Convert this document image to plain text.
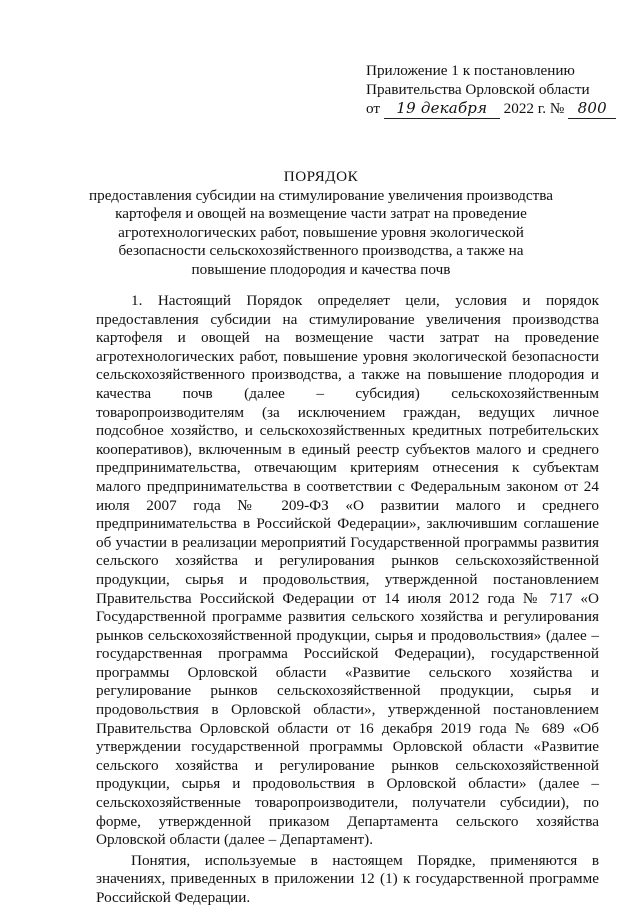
Приложение 1 к постановлению
Правительства Орловской области
от 19 декабря 2022 г. № 800
ПОРЯДОК
предоставления субсидии на стимулирование увеличения производства картофеля и овощей на возмещение части затрат на проведение агротехнологических работ, повышение уровня экологической безопасности сельскохозяйственного производства, а также на повышение плодородия и качества почв

1. Настоящий Порядок определяет цели, условия и порядок предоставления субсидии на стимулирование увеличения производства картофеля и овощей на возмещение части затрат на проведение агротехнологических работ, повышение уровня экологической безопасности сельскохозяйственного производства, а также на повышение плодородия и качества почв (далее – субсидия) сельскохозяйственным товаропроизводителям (за исключением граждан, ведущих личное подсобное хозяйство, и сельскохозяйственных кредитных потребительских кооперативов), включенным в единый реестр субъектов малого и среднего предпринимательства, отвечающим критериям отнесения к субъектам малого предпринимательства в соответствии с Федеральным законом от 24 июля 2007 года № 209-ФЗ «О развитии малого и среднего предпринимательства в Российской Федерации», заключившим соглашение об участии в реализации мероприятий Государственной программы развития сельского хозяйства и регулирования рынков сельскохозяйственной продукции, сырья и продовольствия, утвержденной постановлением Правительства Российской Федерации от 14 июля 2012 года № 717 «О Государственной программе развития сельского хозяйства и регулирования рынков сельскохозяйственной продукции, сырья и продовольствия» (далее – государственная программа Российской Федерации), государственной программы Орловской области «Развитие сельского хозяйства и регулирование рынков сельскохозяйственной продукции, сырья и продовольствия в Орловской области», утвержденной постановлением Правительства Орловской области от 16 декабря 2019 года № 689 «Об утверждении государственной программы Орловской области «Развитие сельского хозяйства и регулирование рынков сельскохозяйственной продукции, сырья и продовольствия в Орловской области» (далее – сельскохозяйственные товаропроизводители, получатели субсидии), по форме, утвержденной приказом Департамента сельского хозяйства Орловской области (далее – Департамент).

Понятия, используемые в настоящем Порядке, применяются в значениях, приведенных в приложении 12 (1) к государственной программе Российской Федерации.
